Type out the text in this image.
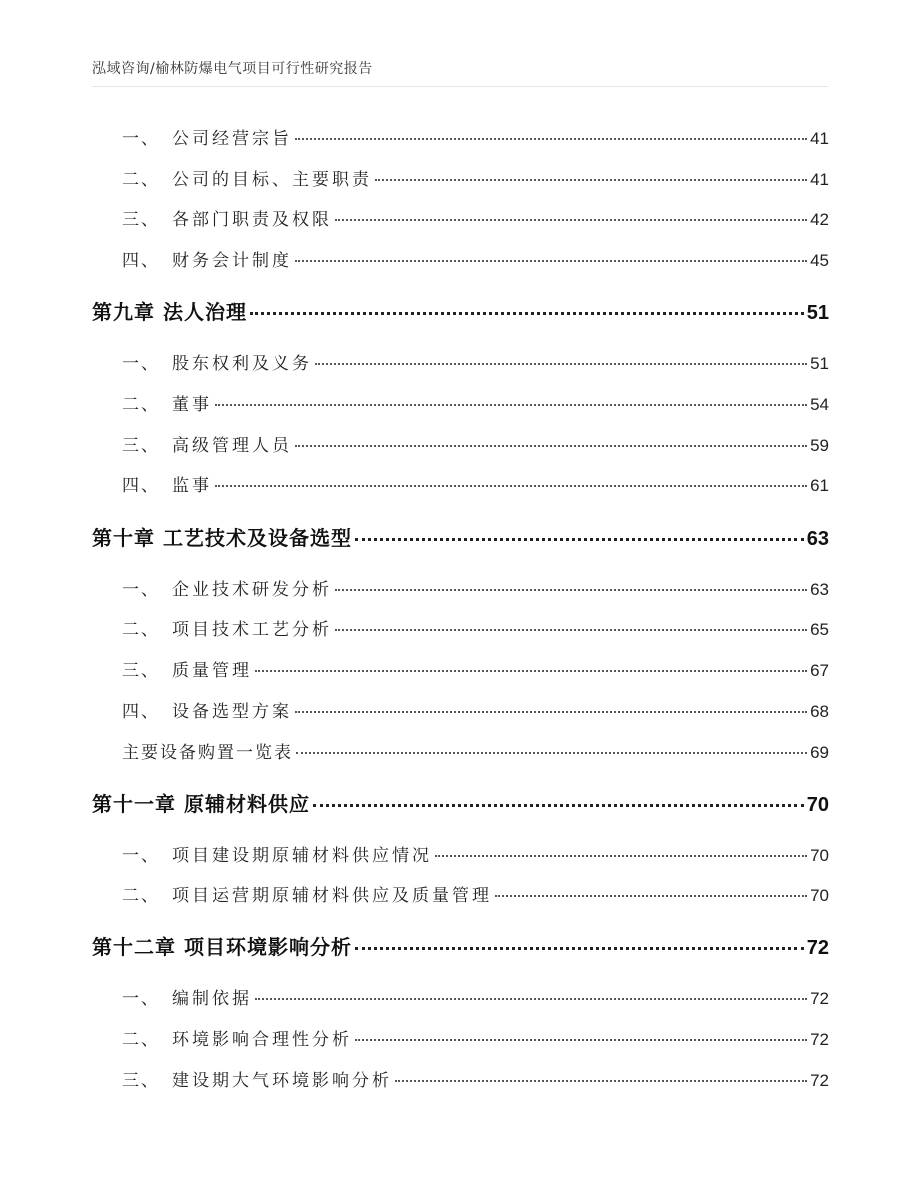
泓域咨询/榆林防爆电气项目可行性研究报告
一、 公司经营宗旨	41
二、 公司的目标、主要职责	41
三、 各部门职责及权限	42
四、 财务会计制度	45
第九章 法人治理	51
一、 股东权利及义务	51
二、 董事	54
三、 高级管理人员	59
四、 监事	61
第十章 工艺技术及设备选型	63
一、 企业技术研发分析	63
二、 项目技术工艺分析	65
三、 质量管理	67
四、 设备选型方案	68
主要设备购置一览表	69
第十一章 原辅材料供应	70
一、 项目建设期原辅材料供应情况	70
二、 项目运营期原辅材料供应及质量管理	70
第十二章 项目环境影响分析	72
一、 编制依据	72
二、 环境影响合理性分析	72
三、 建设期大气环境影响分析	72
